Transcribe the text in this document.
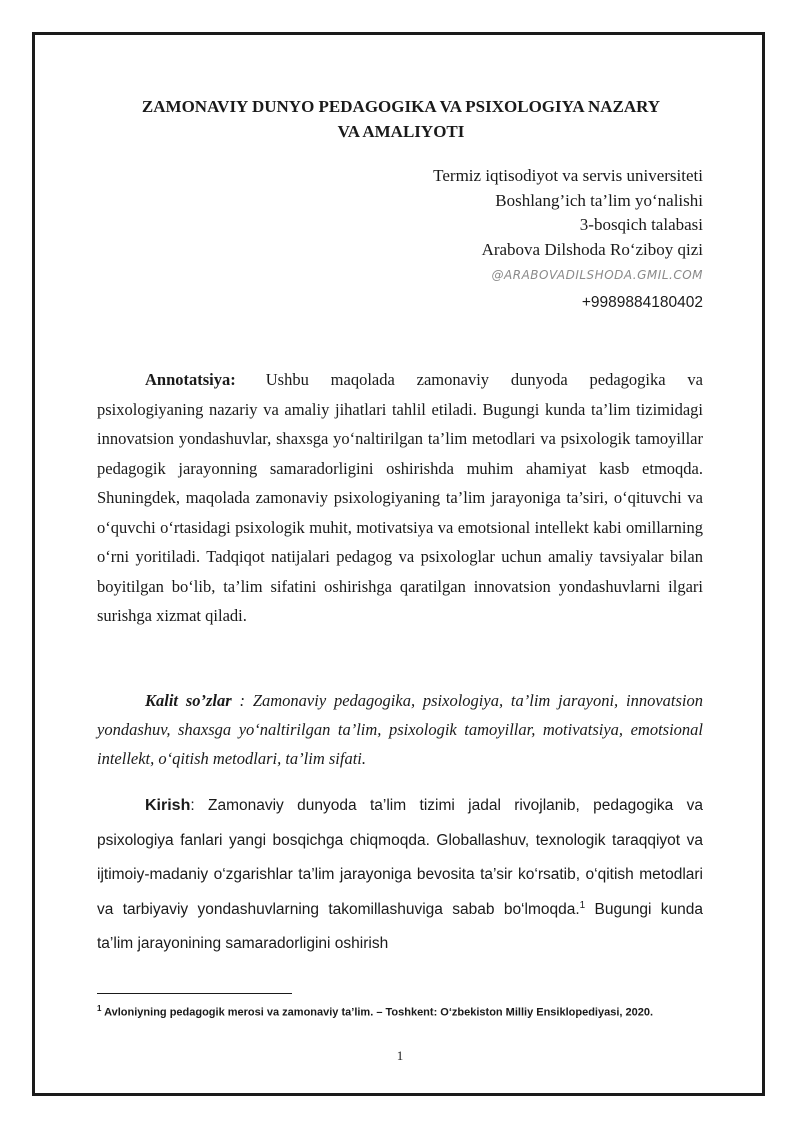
ZAMONAVIY DUNYO PEDAGOGIKA VA PSIXOLOGIYA NAZARY
VA AMALIYOTI
Termiz iqtisodiyot va servis universiteti
Boshlang’ich ta’lim yo‘nalishi
3-bosqich talabasi
Arabova Dilshoda Ro‘ziboy qizi
@ARABOVADILSHODA.GMIL.COM
+9989884180402

Annotatsiya: Ushbu maqolada zamonaviy dunyoda pedagogika va psixologiyaning nazariy va amaliy jihatlari tahlil etiladi. Bugungi kunda ta’lim tizimidagi innovatsion yondashuvlar, shaxsga yo‘naltirilgan ta’lim metodlari va psixologik tamoyillar pedagogik jarayonning samaradorligini oshirishda muhim ahamiyat kasb etmoqda. Shuningdek, maqolada zamonaviy psixologiyaning ta’lim jarayoniga ta’siri, o‘qituvchi va o‘quvchi o‘rtasidagi psixologik muhit, motivatsiya va emotsional intellekt kabi omillarning o‘rni yoritiladi. Tadqiqot natijalari pedagog va psixologlar uchun amaliy tavsiyalar bilan boyitilgan bo‘lib, ta’lim sifatini oshirishga qaratilgan innovatsion yondashuvlarni ilgari surishga xizmat qiladi.

Kalit so’zlar : Zamonaviy pedagogika, psixologiya, ta’lim jarayoni, innovatsion yondashuv, shaxsga yo‘naltirilgan ta’lim, psixologik tamoyillar, motivatsiya, emotsional intellekt, o‘qitish metodlari, ta’lim sifati.

Kirish: Zamonaviy dunyoda ta’lim tizimi jadal rivojlanib, pedagogika va psixologiya fanlari yangi bosqichga chiqmoqda. Globallashuv, texnologik taraqqiyot va ijtimoiy-madaniy o‘zgarishlar ta’lim jarayoniga bevosita ta’sir ko‘rsatib, o‘qitish metodlari va tarbiyaviy yondashuvlarning takomillashuviga sabab bo‘lmoqda.$^1$ Bugungi kunda ta’lim jarayonining samaradorligini oshirish

$^1$ Avloniyning pedagogik merosi va zamonaviy ta’lim. – Toshkent: O‘zbekiston Milliy Ensiklopediyasi, 2020.

1
